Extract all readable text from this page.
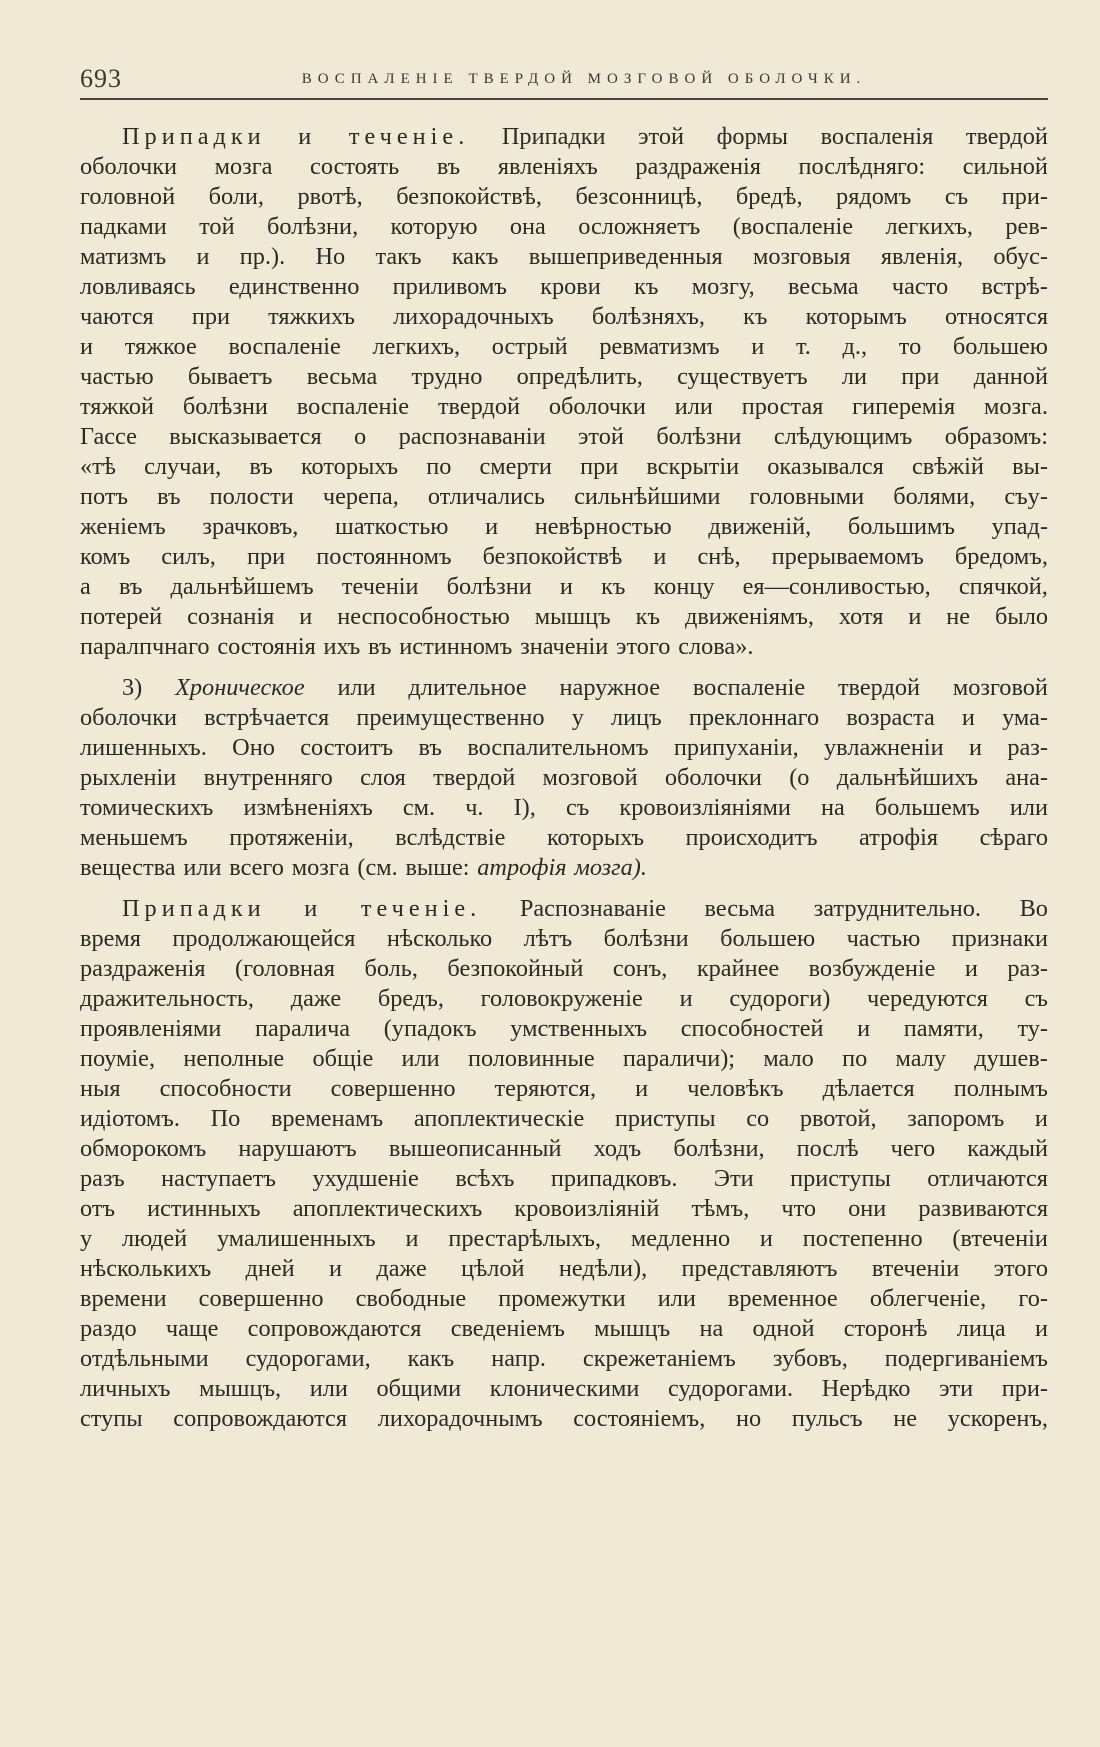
693	ВОСПАЛЕНІЕ ТВЕРДОЙ МОЗГОВОЙ ОБОЛОЧКИ.
Припадки и теченіе. Припадки этой формы воспаленія твердой
оболочки мозга состоять въ явленіяхъ раздраженія послѣдняго: сильной
головной боли, рвотѣ, безпокойствѣ, безсонницѣ, бредѣ, рядомъ съ при-
падками той болѣзни, которую она осложняетъ (воспаленіе легкихъ, рев-
матизмъ и пр.). Но такъ какъ вышеприведенныя мозговыя явленія, обус-
ловливаясь единственно приливомъ крови къ мозгу, весьма часто встрѣ-
чаются при тяжкихъ лихорадочныхъ болѣзняхъ, къ которымъ относятся
и тяжкое воспаленіе легкихъ, острый ревматизмъ и т. д., то большею
частью бываетъ весьма трудно опредѣлить, существуетъ ли при данной
тяжкой болѣзни воспаленіе твердой оболочки или простая гиперемія мозга.
Гассе высказывается о распознаваніи этой болѣзни слѣдующимъ образомъ:
«тѣ случаи, въ которыхъ по смерти при вскрытіи оказывался свѣжій вы-
потъ въ полости черепа, отличались сильнѣйшими головными болями, съу-
женіемъ зрачковъ, шаткостью и невѣрностью движеній, большимъ упад-
комъ силъ, при постоянномъ безпокойствѣ и снѣ, прерываемомъ бредомъ,
а въ дальнѣйшемъ теченіи болѣзни и къ концу ея—сонливостью, спячкой,
потерей сознанія и неспособностью мышцъ къ движеніямъ, хотя и не было
паралпчнаго состоянія ихъ въ истинномъ значеніи этого слова».
3) Хроническое или длительное наружное воспаленіе твердой мозговой
оболочки встрѣчается преимущественно у лицъ преклоннаго возраста и ума-
лишенныхъ. Оно состоитъ въ воспалительномъ припуханіи, увлажненіи и раз-
рыхленіи внутренняго слоя твердой мозговой оболочки (о дальнѣйшихъ ана-
томическихъ измѣненіяхъ см. ч. I), съ кровоизліяніями на большемъ или
меньшемъ протяженіи, вслѣдствіе которыхъ происходитъ атрофія сѣраго
вещества или всего мозга (см. выше: атрофія мозга).
Припадки и теченіе. Распознаваніе весьма затруднительно. Во
время продолжающейся нѣсколько лѣтъ болѣзни большею частью признаки
раздраженія (головная боль, безпокойный сонъ, крайнее возбужденіе и раз-
дражительность, даже бредъ, головокруженіе и судороги) чередуются съ
проявленіями паралича (упадокъ умственныхъ способностей и памяти, ту-
поуміе, неполные общіе или половинные параличи); мало по малу душев-
ныя способности совершенно теряются, и человѣкъ дѣлается полнымъ
идіотомъ. По временамъ апоплектическіе приступы со рвотой, запоромъ и
обморокомъ нарушаютъ вышеописанный ходъ болѣзни, послѣ чего каждый
разъ наступаетъ ухудшеніе всѣхъ припадковъ. Эти приступы отличаются
отъ истинныхъ апоплектическихъ кровоизліяній тѣмъ, что они развиваются
у людей умалишенныхъ и престарѣлыхъ, медленно и постепенно (втеченіи
нѣсколькихъ дней и даже цѣлой недѣли), представляютъ втеченіи этого
времени совершенно свободные промежутки или временное облегченіе, го-
раздо чаще сопровождаются сведеніемъ мышцъ на одной сторонѣ лица и
отдѣльными судорогами, какъ напр. скрежетаніемъ зубовъ, подергиваніемъ
личныхъ мышцъ, или общими клоническими судорогами. Нерѣдко эти при-
ступы сопровождаются лихорадочнымъ состояніемъ, но пульсъ не ускоренъ,
